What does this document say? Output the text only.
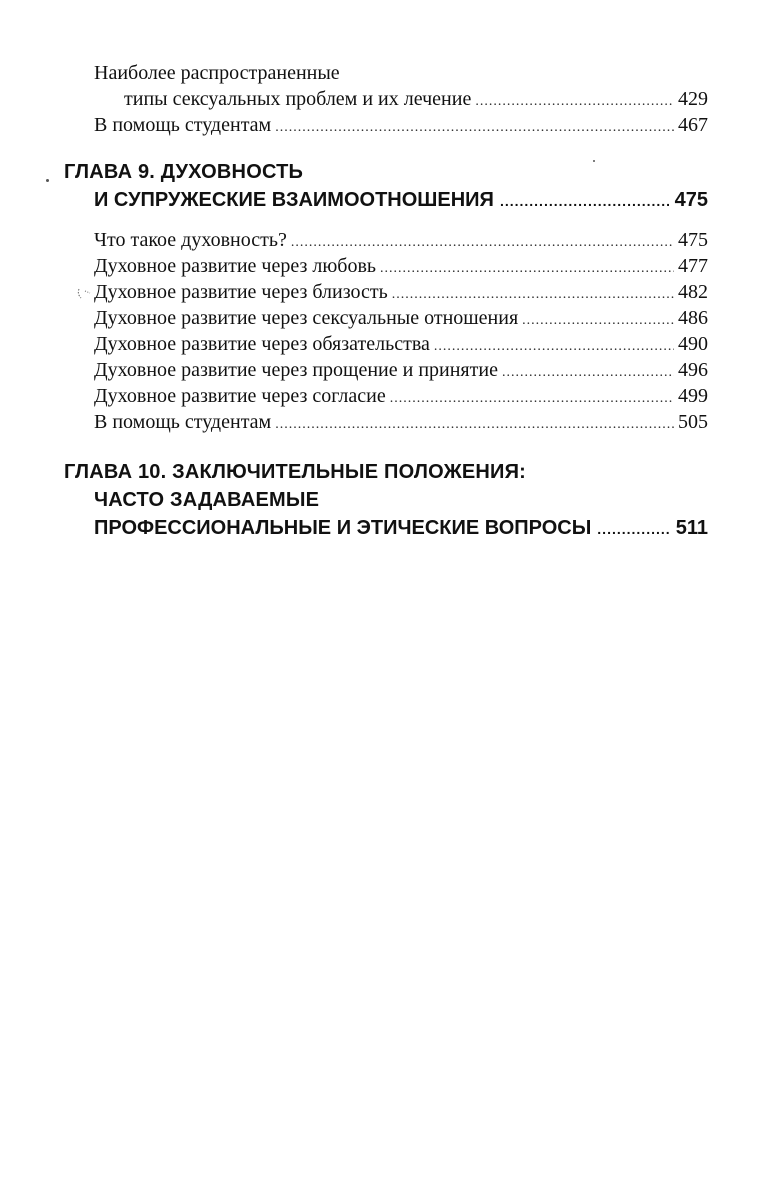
Наиболее распространенные
типы сексуальных проблем и их лечение .....	429
В помощь студентам .....	467
ГЛАВА 9. ДУХОВНОСТЬ
И СУПРУЖЕСКИЕ ВЗАИМООТНОШЕНИЯ .....	475
Что такое духовность? .....	475
Духовное развитие через любовь .....	477
Духовное развитие через близость .....	482
Духовное развитие через сексуальные отношения .....	486
Духовное развитие через обязательства .....	490
Духовное развитие через прощение и принятие .....	496
Духовное развитие через согласие .....	499
В помощь студентам .....	505
ГЛАВА 10. ЗАКЛЮЧИТЕЛЬНЫЕ ПОЛОЖЕНИЯ:
ЧАСТО ЗАДАВАЕМЫЕ
ПРОФЕССИОНАЛЬНЫЕ И ЭТИЧЕСКИЕ ВОПРОСЫ .....	511
